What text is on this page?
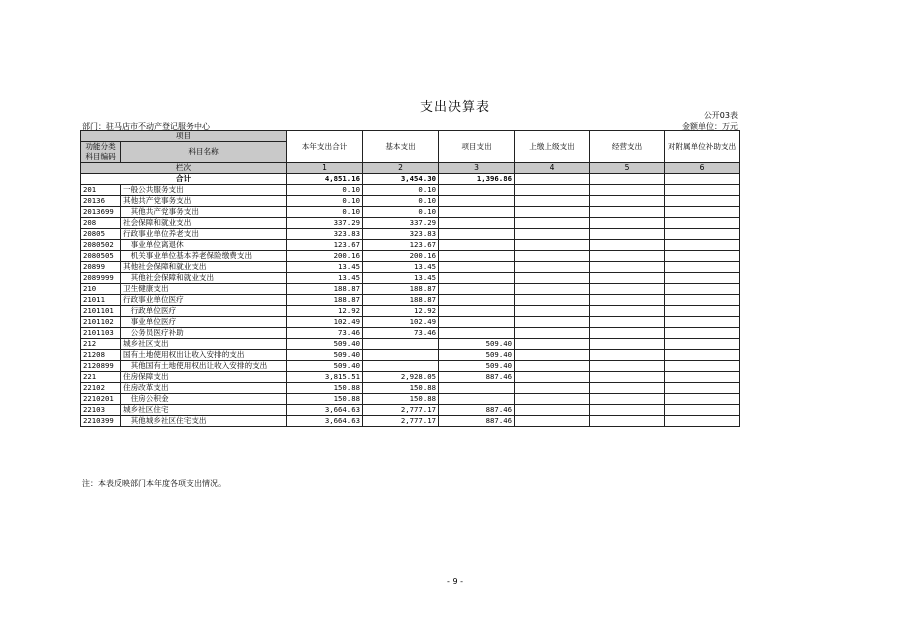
支出决算表
公开03表
部门：驻马店市不动产登记服务中心	金额单位：万元
项目		本年支出合计	基本支出	项目支出	上缴上级支出	经营支出	对附属单位补助支出
功能分类科目编码	科目名称						

栏次		1	2	3	4	5	6
合计		4,851.16	3,454.30	1,396.86			
201	一般公共服务支出	0.10	0.10				
20136	其他共产党事务支出	0.10	0.10				
2013699	　其他共产党事务支出	0.10	0.10				
208	社会保障和就业支出	337.29	337.29				
20805	行政事业单位养老支出	323.83	323.83				
2080502	　事业单位离退休	123.67	123.67				
2080505	　机关事业单位基本养老保险缴费支出	200.16	200.16				
20899	其他社会保障和就业支出	13.45	13.45				
2089999	　其他社会保障和就业支出	13.45	13.45				
210	卫生健康支出	188.87	188.87				
21011	行政事业单位医疗	188.87	188.87				
2101101	　行政单位医疗	12.92	12.92				
2101102	　事业单位医疗	102.49	102.49				
2101103	　公务员医疗补助	73.46	73.46				
212	城乡社区支出	509.40		509.40			
21208	国有土地使用权出让收入安排的支出	509.40		509.40			
2120899	　其他国有土地使用权出让收入安排的支出	509.40		509.40			
221	住房保障支出	3,815.51	2,928.05	887.46			
22102	住房改革支出	150.88	150.88				
2210201	　住房公积金	150.88	150.88				
22103	城乡社区住宅	3,664.63	2,777.17	887.46			
2210399	　其他城乡社区住宅支出	3,664.63	2,777.17	887.46			
注：本表反映部门本年度各项支出情况。
- 9 -
